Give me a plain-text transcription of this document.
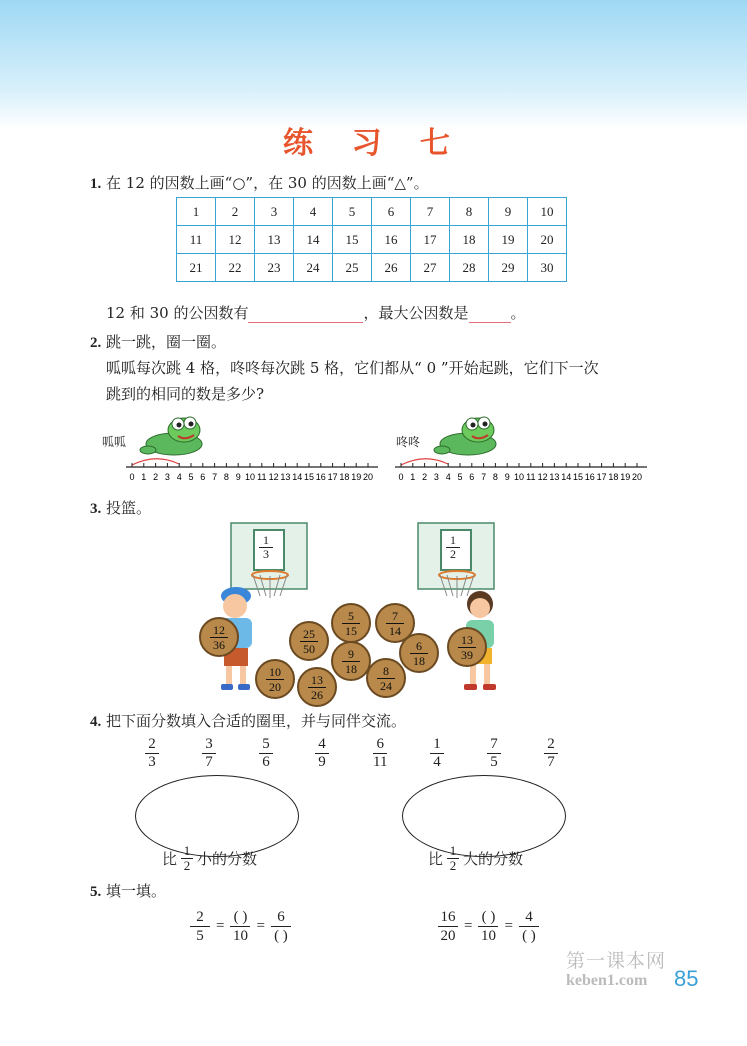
练 习 七
1. 在 12 的因数上画“○”，在 30 的因数上画“△”。
1	2	3	4	5	6	7	8	9	10
11	12	13	14	15	16	17	18	19	20
21	22	23	24	25	26	27	28	29	30
12 和 30 的公因数有	，最大公因数是	。
2. 跳一跳，圈一圈。
呱呱每次跳 4 格，咚咚每次跳 5 格，它们都从“ 0 ”开始起跳，它们下一次
跳到的相同的数是多少?
呱呱
0 1 2 3 4 5 6 7 8 9 10 11 12 13 14 15 16 17 18 19 20
咚咚
0 1 2 3 4 5 6 7 8 9 10 11 12 13 14 15 16 17 18 19 20
3. 投篮。
1
3
1
2
12
36
10
20
25
50
5
15
9
18
13
26
7
14
8
24
6
18
13
39
4. 把下面分数填入合适的圈里，并与同伴交流。
2
3
3
7
5
6
4
9
6
11
1
4
7
5
2
7
比 1
2 小的分数	比 1
2 大的分数
5. 填一填。
2
5
=
( )
10
=
6
( )
16
20
=
( )
10
=
4
( )
第一课本网
keben1.com 85
